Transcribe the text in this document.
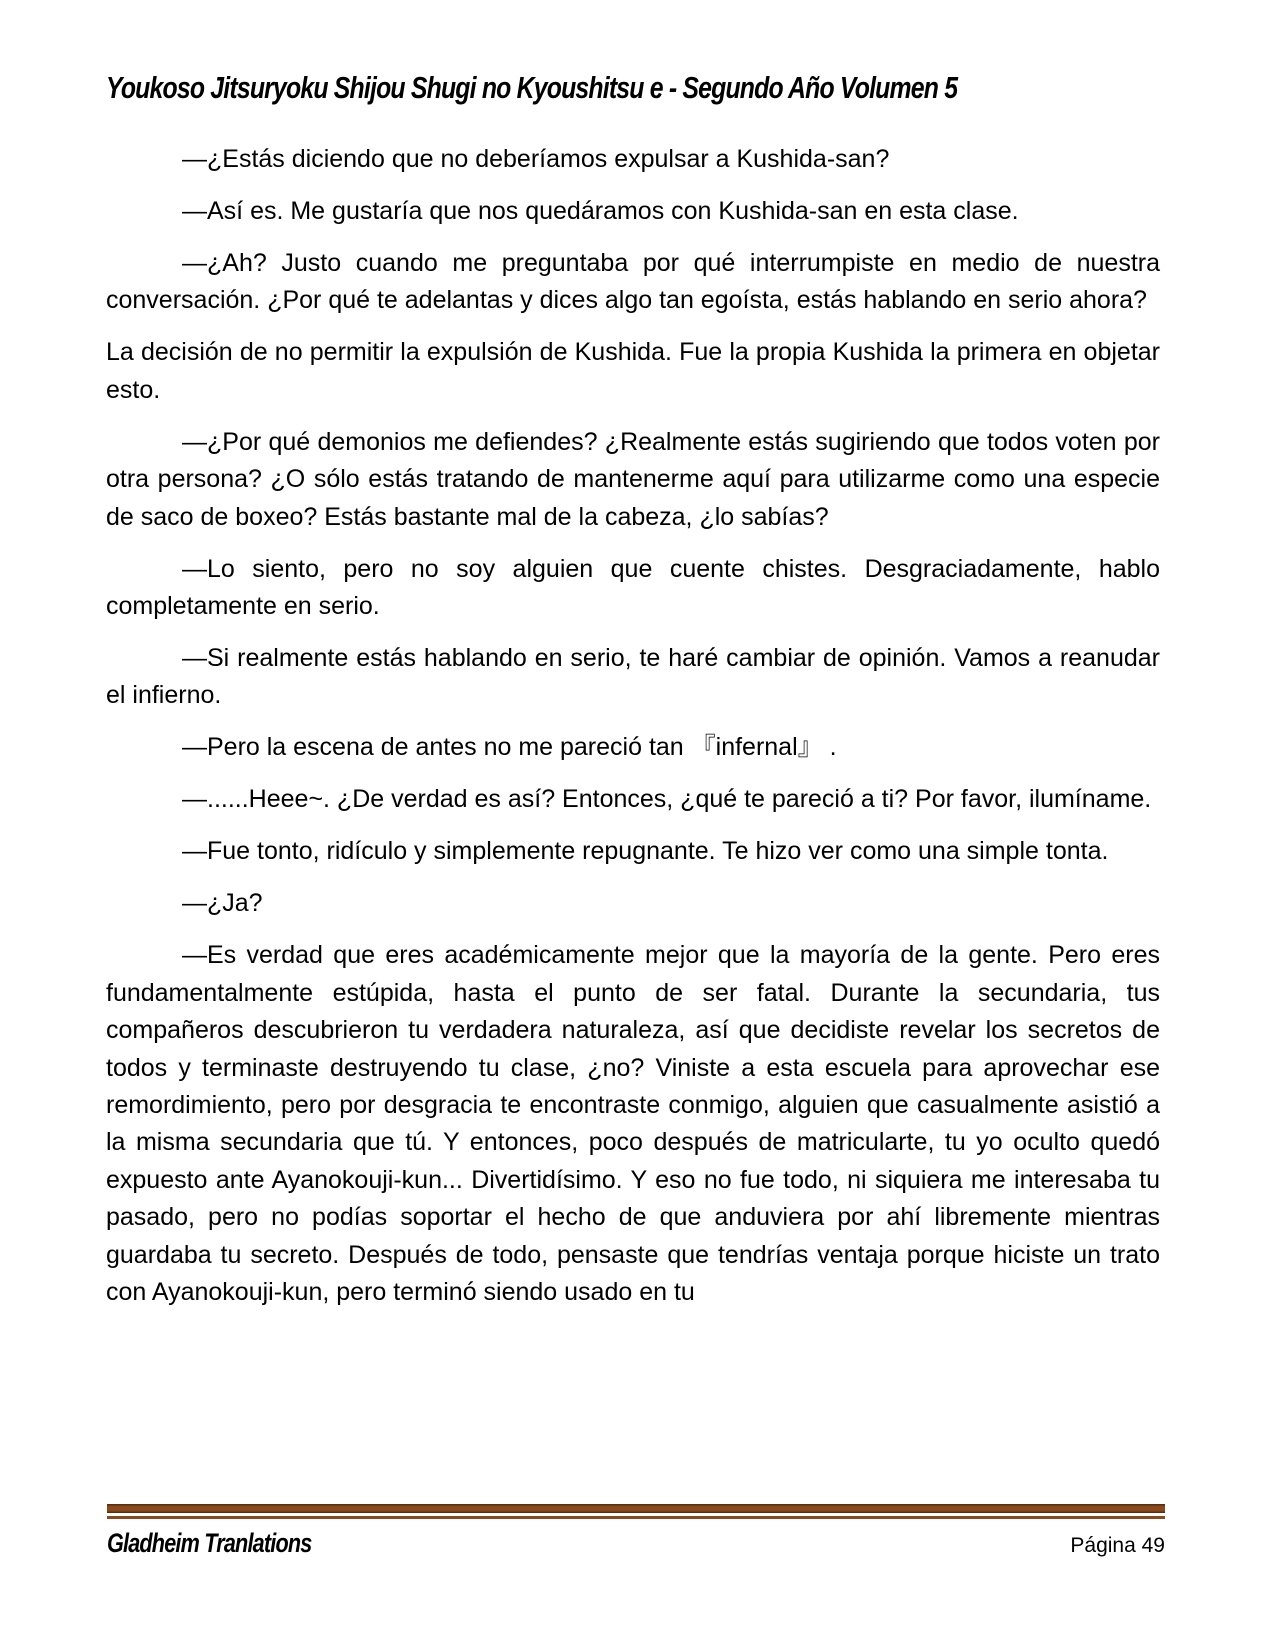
Youkoso Jitsuryoku Shijou Shugi no Kyoushitsu e - Segundo Año Volumen 5

—¿Estás diciendo que no deberíamos expulsar a Kushida-san?

—Así es. Me gustaría que nos quedáramos con Kushida-san en esta clase.

—¿Ah? Justo cuando me preguntaba por qué interrumpiste en medio de nuestra conversación. ¿Por qué te adelantas y dices algo tan egoísta, estás hablando en serio ahora?

La decisión de no permitir la expulsión de Kushida. Fue la propia Kushida la primera en objetar esto.

—¿Por qué demonios me defiendes? ¿Realmente estás sugiriendo que todos voten por otra persona? ¿O sólo estás tratando de mantenerme aquí para utilizarme como una especie de saco de boxeo? Estás bastante mal de la cabeza, ¿lo sabías?

—Lo siento, pero no soy alguien que cuente chistes. Desgraciadamente, hablo completamente en serio.

—Si realmente estás hablando en serio, te haré cambiar de opinión. Vamos a reanudar el infierno.

―Pero la escena de antes no me pareció tan 『infernal』 .

—......Heee~. ¿De verdad es así? Entonces, ¿qué te pareció a ti? Por favor, ilumíname.

—Fue tonto, ridículo y simplemente repugnante. Te hizo ver como una simple tonta.

—¿Ja?

—Es verdad que eres académicamente mejor que la mayoría de la gente. Pero eres fundamentalmente estúpida, hasta el punto de ser fatal. Durante la secundaria, tus compañeros descubrieron tu verdadera naturaleza, así que decidiste revelar los secretos de todos y terminaste destruyendo tu clase, ¿no? Viniste a esta escuela para aprovechar ese remordimiento, pero por desgracia te encontraste conmigo, alguien que casualmente asistió a la misma secundaria que tú. Y entonces, poco después de matricularte, tu yo oculto quedó expuesto ante Ayanokouji-kun... Divertidísimo. Y eso no fue todo, ni siquiera me interesaba tu pasado, pero no podías soportar el hecho de que anduviera por ahí libremente mientras guardaba tu secreto. Después de todo, pensaste que tendrías ventaja porque hiciste un trato con Ayanokouji-kun, pero terminó siendo usado en tu

Gladheim Tranlations	Página 49
